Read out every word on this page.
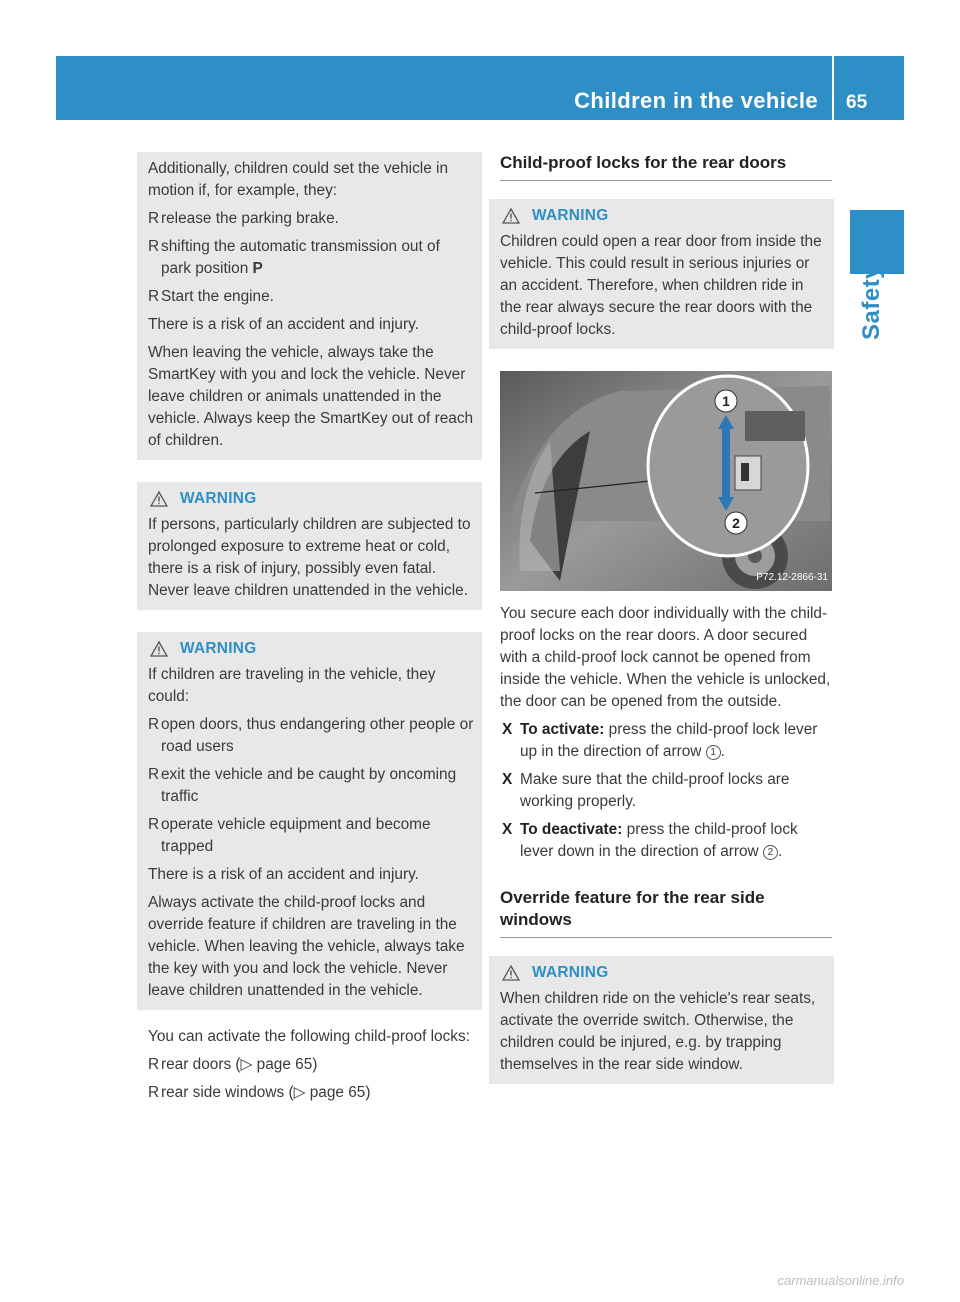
Children in the vehicle 65
Safety

Additionally, children could set the vehicle in motion if, for example, they:

R release the parking brake.
R shifting the automatic transmission out of park position P
R Start the engine.

There is a risk of an accident and injury.

When leaving the vehicle, always take the SmartKey with you and lock the vehicle. Never leave children or animals unattended in the vehicle. Always keep the SmartKey out of reach of children.

WARNING

If persons, particularly children are subjected to prolonged exposure to extreme heat or cold, there is a risk of injury, possibly even fatal. Never leave children unattended in the vehicle.

WARNING

If children are traveling in the vehicle, they could:

R open doors, thus endangering other people or road users
R exit the vehicle and be caught by oncoming traffic
R operate vehicle equipment and become trapped

There is a risk of an accident and injury.

Always activate the child-proof locks and override feature if children are traveling in the vehicle. When leaving the vehicle, always take the key with you and lock the vehicle. Never leave children unattended in the vehicle.

You can activate the following child-proof locks:

R rear doors (▷ page 65)
R rear side windows (▷ page 65)
Child-proof locks for the rear doors
WARNING

Children could open a rear door from inside the vehicle. This could result in serious injuries or an accident. Therefore, when children ride in the rear always secure the rear doors with the child-proof locks.

1
2
P72.12-2866-31

You secure each door individually with the child-proof locks on the rear doors. A door secured with a child-proof lock cannot be opened from inside the vehicle. When the vehicle is unlocked, the door can be opened from the outside.

X To activate: press the child-proof lock lever up in the direction of arrow 1 .
X Make sure that the child-proof locks are working properly.
X To deactivate: press the child-proof lock lever down in the direction of arrow 2 .
Override feature for the rear side windows
WARNING

When children ride on the vehicle's rear seats, activate the override switch. Otherwise, the children could be injured, e.g. by trapping themselves in the rear side window.

carmanualsonline.info
